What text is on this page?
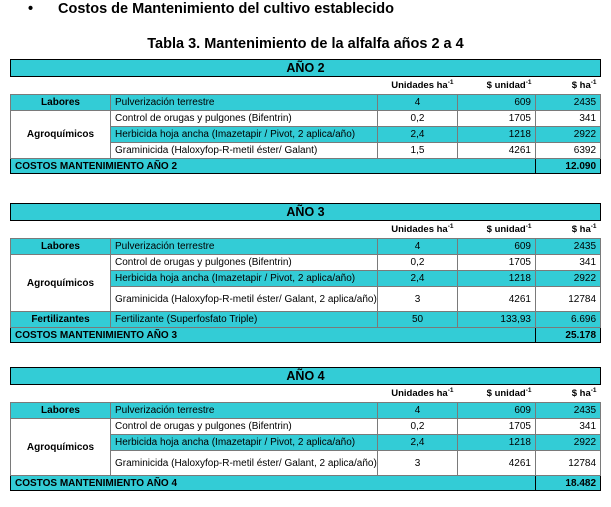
• Costos de Mantenimiento del cultivo establecido
Tabla 3. Mantenimiento de la alfalfa años 2 a 4
AÑO 2				
		Unidades $ha^{-1}$	$ unidad$^{-1}$	$ $ha^{-1}$
Labores	Pulverización terrestre	4	609	2435
Agroquímicos	Control de orugas y pulgones (Bifentrin)	0,2	1705	341
	Herbicida hoja ancha (Imazetapir / Pivot, 2 aplica/año)	2,4	1218	2922
	Graminicida (Haloxyfop-R-metil éster/ Galant)	1,5	4261	6392
COSTOS MANTENIMIENTO AÑO 2				12.090
AÑO 3				
		Unidades $ha^{-1}$	$ unidad$^{-1}$	$ $ha^{-1}$
Labores	Pulverización terrestre	4	609	2435
Agroquímicos	Control de orugas y pulgones (Bifentrin)	0,2	1705	341
	Herbicida hoja ancha (Imazetapir / Pivot, 2 aplica/año)	2,4	1218	2922
	Graminicida (Haloxyfop-R-metil éster/ Galant, 2 aplica/año)	3	4261	12784
Fertilizantes	Fertilizante (Superfosfato Triple)	50	133,93	6.696
COSTOS MANTENIMIENTO AÑO 3				25.178
AÑO 4				
		Unidades $ha^{-1}$	$ unidad$^{-1}$	$ $ha^{-1}$
Labores	Pulverización terrestre	4	609	2435
Agroquímicos	Control de orugas y pulgones (Bifentrin)	0,2	1705	341
	Herbicida hoja ancha (Imazetapir / Pivot, 2 aplica/año)	2,4	1218	2922
	Graminicida (Haloxyfop-R-metil éster/ Galant, 2 aplica/año)	3	4261	12784
COSTOS MANTENIMIENTO AÑO 4				18.482
